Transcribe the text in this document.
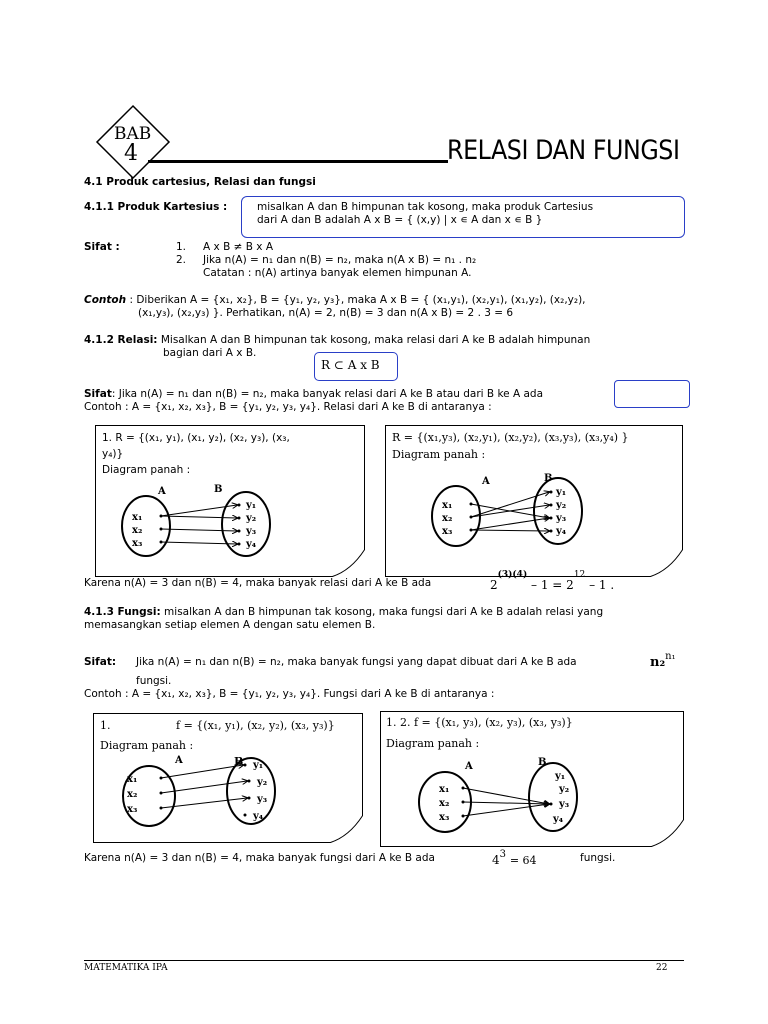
BAB
4	RELASI DAN FUNGSI
4.1 Produk cartesius, Relasi dan fungsi
4.1.1 Produk Kartesius :	misalkan A dan B himpunan tak kosong, maka produk Cartesius
dari A dan B adalah A x B = { (x,y) | x ∊ A dan x ∊ B }
Sifat :	1. A x B ≠ B x A
2. Jika n(A) = n₁ dan n(B) = n₂, maka n(A x B) = n₁ . n₂
Catatan : n(A) artinya banyak elemen himpunan A.
Contoh : Diberikan A = {x₁, x₂}, B = {y₁, y₂, y₃}, maka A x B = { (x₁,y₁), (x₂,y₁), (x₁,y₂), (x₂,y₂),
(x₁,y₃), (x₂,y₃) }. Perhatikan, n(A) = 2, n(B) = 3 dan n(A x B) = 2 . 3 = 6
4.1.2 Relasi: Misalkan A dan B himpunan tak kosong, maka relasi dari A ke B adalah himpunan
bagian dari A x B.
R ⊂ A x B
Sifat: Jika n(A) = n₁ dan n(B) = n₂, maka banyak relasi dari A ke B atau dari B ke A ada
Contoh : A = {x₁, x₂, x₃}, B = {y₁, y₂, y₃, y₄}. Relasi dari A ke B di antaranya :
1. R = {(x₁, y₁), (x₁, y₂), (x₂, y₃), (x₃,
y₄)}
Diagram panah :
A	B
x₁
x₂
x₃
y₁
y₂
y₃
y₄
R = {(x₁,y₃), (x₂,y₁), (x₂,y₂), (x₃,y₃), (x₃,y₄) }
Diagram panah :
A	B
x₁
x₂
x₃
y₁
y₂
y₃
y₄
Karena n(A) = 3 dan n(B) = 4, maka banyak relasi dari A ke B ada	2(3)(4) – 1 = 212 – 1 .
4.1.3 Fungsi: misalkan A dan B himpunan tak kosong, maka fungsi dari A ke B adalah relasi yang
memasangkan setiap elemen A dengan satu elemen B.
Sifat: Jika n(A) = n₁ dan n(B) = n₂, maka banyak fungsi yang dapat dibuat dari A ke B ada	n₂n₁
fungsi.
Contoh : A = {x₁, x₂, x₃}, B = {y₁, y₂, y₃, y₄}. Fungsi dari A ke B di antaranya :
1.	f = {(x₁, y₁), (x₂, y₂), (x₃, y₃)}
Diagram panah :
A	B
x₁
x₂
x₃
y₁
y₂
y₃
y₄
1. 2. f = {(x₁, y₃), (x₂, y₃), (x₃, y₃)}
Diagram panah :
A	B
x₁
x₂
x₃
y₁
y₂
y₃
y₄
Karena n(A) = 3 dan n(B) = 4, maka banyak fungsi dari A ke B ada	43 = 64	fungsi.
MATEMATIKA IPA	22
